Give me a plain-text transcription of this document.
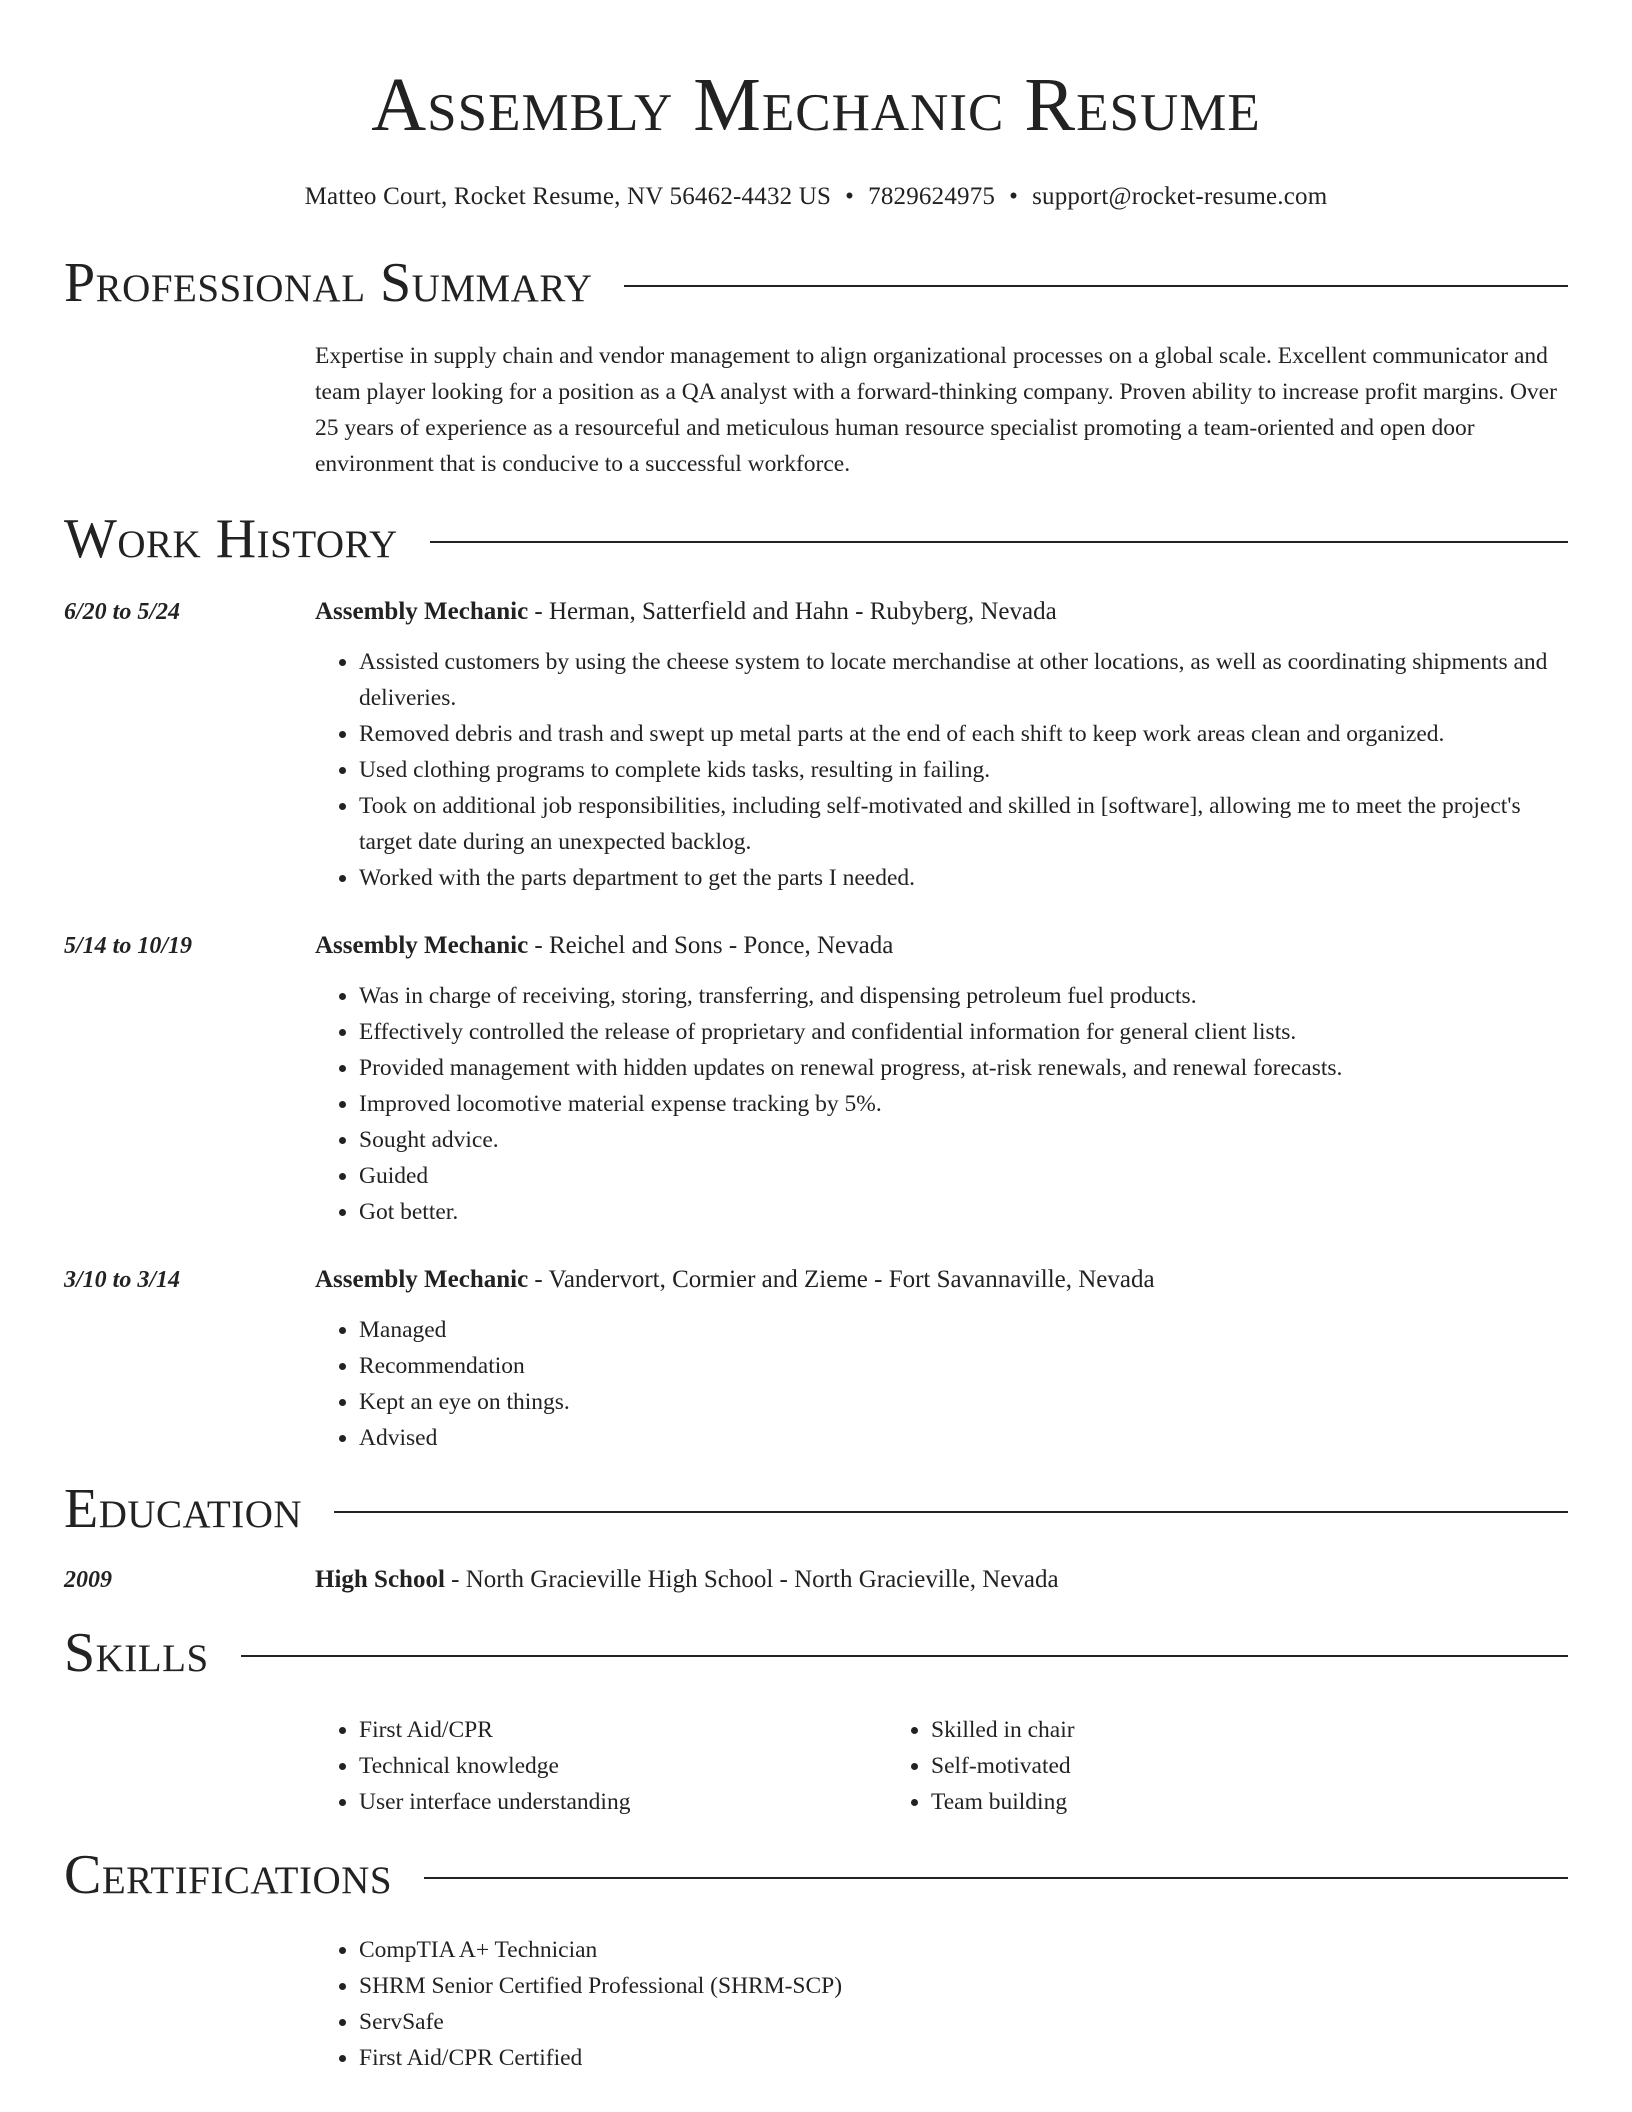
Assembly Mechanic Resume
Matteo Court, Rocket Resume, NV 56462-4432 US • 7829624975 • support@rocket-resume.com
Professional Summary
Expertise in supply chain and vendor management to align organizational processes on a global scale. Excellent communicator and team player looking for a position as a QA analyst with a forward-thinking company. Proven ability to increase profit margins. Over 25 years of experience as a resourceful and meticulous human resource specialist promoting a team-oriented and open door environment that is conducive to a successful workforce.
Work History
6/20 to 5/24	Assembly Mechanic - Herman, Satterfield and Hahn - Rubyberg, Nevada
• Assisted customers by using the cheese system to locate merchandise at other locations, as well as coordinating shipments and deliveries.
• Removed debris and trash and swept up metal parts at the end of each shift to keep work areas clean and organized.
• Used clothing programs to complete kids tasks, resulting in failing.
• Took on additional job responsibilities, including self-motivated and skilled in [software], allowing me to meet the project's target date during an unexpected backlog.
• Worked with the parts department to get the parts I needed.
5/14 to 10/19	Assembly Mechanic - Reichel and Sons - Ponce, Nevada
• Was in charge of receiving, storing, transferring, and dispensing petroleum fuel products.
• Effectively controlled the release of proprietary and confidential information for general client lists.
• Provided management with hidden updates on renewal progress, at-risk renewals, and renewal forecasts.
• Improved locomotive material expense tracking by 5%.
• Sought advice.
• Guided
• Got better.
3/10 to 3/14	Assembly Mechanic - Vandervort, Cormier and Zieme - Fort Savannaville, Nevada
• Managed
• Recommendation
• Kept an eye on things.
• Advised
Education
2009	High School - North Gracieville High School - North Gracieville, Nevada
Skills
• First Aid/CPR
• Technical knowledge
• User interface understanding
• Skilled in chair
• Self-motivated
• Team building
Certifications
• CompTIA A+ Technician
• SHRM Senior Certified Professional (SHRM-SCP)
• ServSafe
• First Aid/CPR Certified
